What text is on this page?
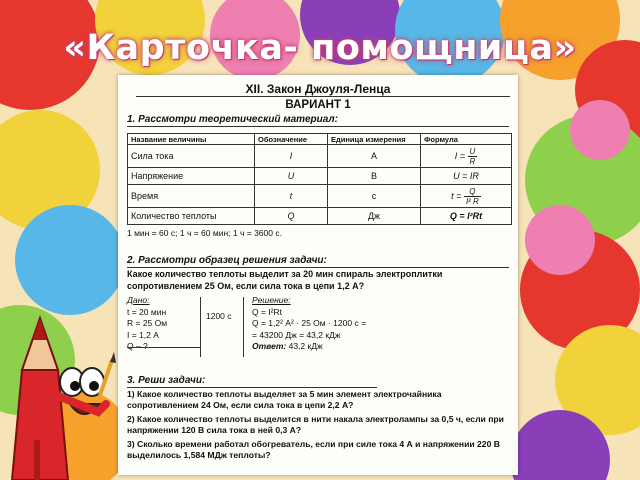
«Карточка- помощница»
XII. Закон Джоуля-Ленца
ВАРИАНТ 1
1. Рассмотри теоретический материал:
Название величины	Обозначение	Единица измерения	Формула
Сила тока	I	А	$I = \frac{U}{R}$

Напряжение	U	В	U = IR
Время	t	с	$t = \frac{Q}{\text{I² R}}$

Количество теплоты	Q	Дж	Q = I²Rt
1 мин = 60 с; 1 ч = 60 мин; 1 ч = 3600 с.
2. Рассмотри образец решения задачи:
Какое количество теплоты выделит за 20 мин спираль электроплитки сопротивлением 25 Ом, если сила тока в цепи 1,2 А?
Дано:
t = 20 мин
R = 25 Ом
I = 1,2 А
Q – ?
1200 с
Решение:
Q = I²Rt
Q = 1,2² А² · 25 Ом · 1200 с =
= 43200 Дж = 43,2 кДж
Ответ: 43,2 кДж
3. Реши задачи:
1) Какое количество теплоты выделяет за 5 мин элемент электрочайника сопротивлением 24 Ом, если сила тока в цепи 2,2 А?
2) Какое количество теплоты выделится в нити накала электролампы за 0,5 ч, если при напряжении 120 В сила тока в ней 0,3 А?
3) Сколько времени работал обогреватель, если при силе тока 4 А и напряжении 220 В выделилось 1,584 МДж теплоты?
